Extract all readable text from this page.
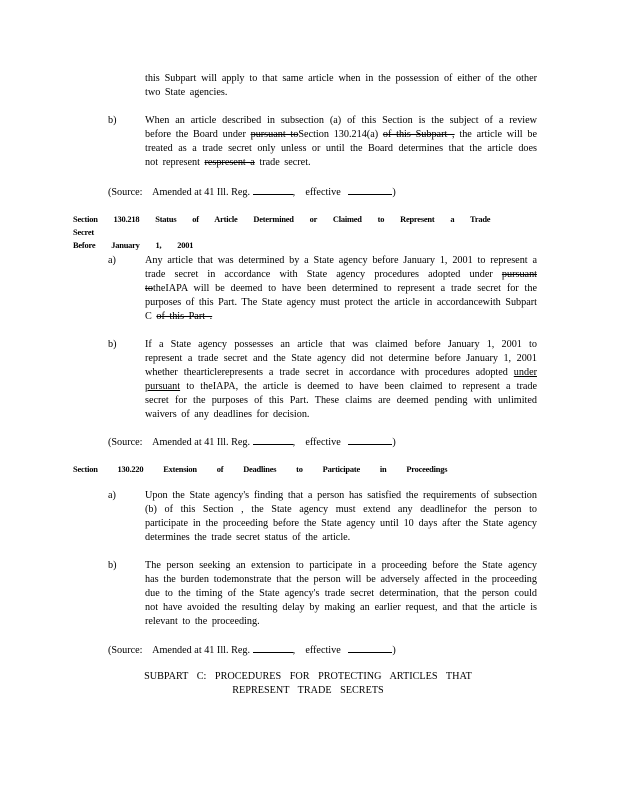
this Subpart will apply to that same article when in the possession of either of the other two State agencies.
b)	When an article described in subsection (a) of this Section is the subject of a review before the Board under pursuant toSection 130.214(a) of this Subpart , the article will be treated as a trade secret only unless or until the Board determines that the article does not represent respresent a trade secret.
(Source: Amended at 41 Ill. Reg.	,    effective	)
Section 130.218 Status of Article Determined or Claimed to Represent a Trade Secret
Before January 1, 2001
a)	Any article that was determined by a State agency before January 1, 2001 to represent a trade secret in accordance with State agency procedures adopted under pursuant totheIAPA will be deemed to have been determined to represent a trade secret for the purposes of this Part. The State agency must protect the article in accordancewith Subpart C of this Part .
b)	If a State agency possesses an article that was claimed before January 1, 2001 to represent a trade secret and the State agency did not determine before January 1, 2001 whether thearticlerepresents a trade secret in accordance with procedures adopted under pursuant to theIAPA, the article is deemed to have been claimed to represent a trade secret for the purposes of this Part. These claims are deemed pending with unlimited waivers of any deadlines for decision.
(Source: Amended at 41 Ill. Reg.	,    effective	)
Section 130.220 Extension of Deadlines to Participate in Proceedings
a)	Upon the State agency's finding that a person has satisfied the requirements of subsection (b) of this Section , the State agency must extend any deadlinefor the person to participate in the proceeding before the State agency until 10 days after the State agency determines the trade secret status of the article.
b)	The person seeking an extension to participate in a proceeding before the State agency has the burden todemonstrate that the person will be adversely affected in the proceeding due to the timing of the State agency's trade secret determination, that the person could not have avoided the resulting delay by making an earlier request, and that the article is relevant to the proceeding.
(Source: Amended at 41 Ill. Reg.	,    effective	)
SUBPART C: PROCEDURES FOR PROTECTING ARTICLES THAT
REPRESENT TRADE SECRETS
